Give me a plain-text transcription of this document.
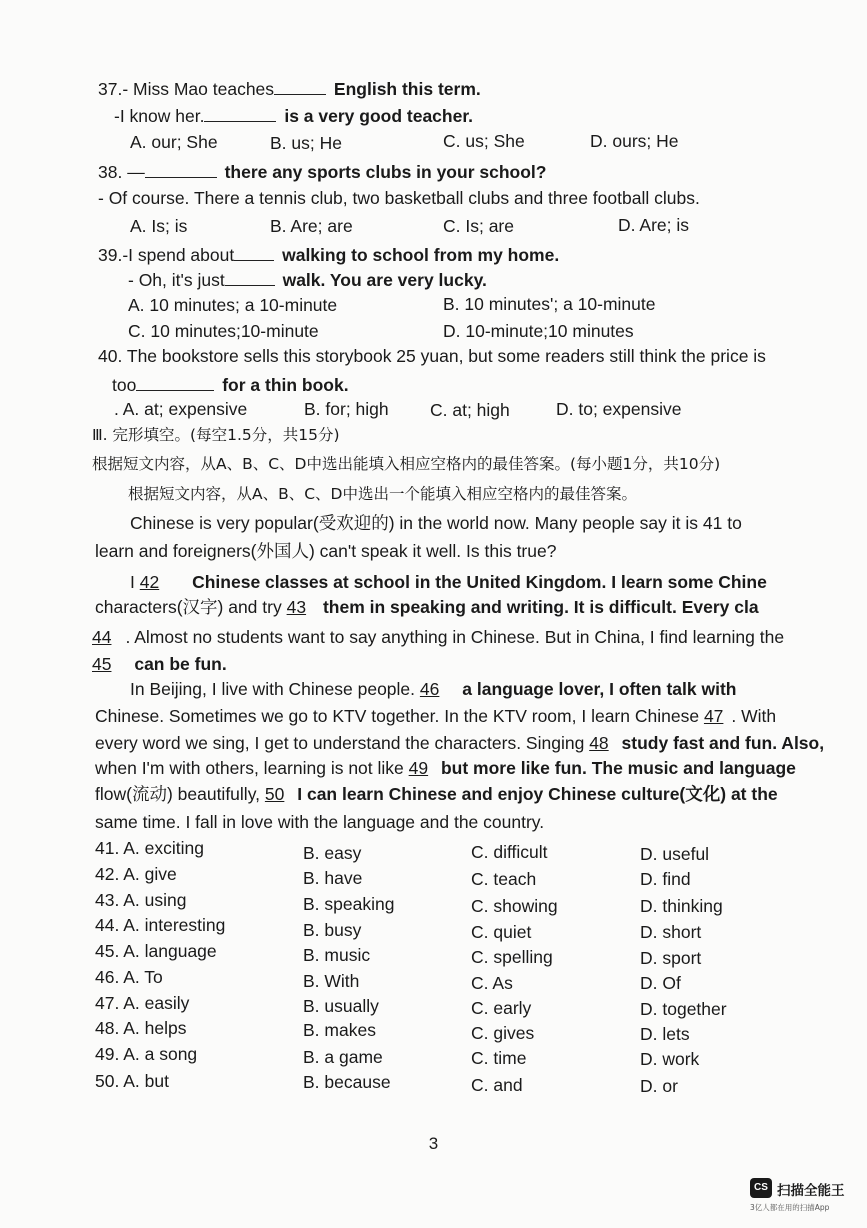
37.- Miss Mao teaches	English this term.
-I know her.	is a very good teacher.
A. our; She	B. us; He	C. us; She	D. ours; He
38. —	there any sports clubs in your school?
- Of course. There a tennis club, two basketball clubs and three football clubs.
A. Is; is	B. Are; are	C. Is; are	D. Are; is
39.-I spend about	walking to school from my home.
- Oh, it's just	walk. You are very lucky.
A. 10 minutes; a 10-minute	B. 10 minutes'; a 10-minute
C. 10 minutes;10-minute	D. 10-minute;10 minutes
40. The bookstore sells this storybook 25 yuan, but some readers still think the price is
too	for a thin book.
. A. at; expensive	B. for; high C. at; high	D. to; expensive
Ⅲ. 完形填空。(每空1.5分，共15分)
根据短文内容，从A、B、C、D中选出能填入相应空格内的最佳答案。(每小题1分，共10分)
根据短文内容，从A、B、C、D中选出一个能填入相应空格内的最佳答案。
Chinese is very popular(受欢迎的) in the world now. Many people say it is 41 to
learn and foreigners(外国人) can't speak it well. Is this true?
I 42 Chinese classes at school in the United Kingdom. I learn some Chine
characters(汉字) and try 43 them in speaking and writing. It is difficult. Every cla
44 . Almost no students want to say anything in Chinese. But in China, I find learning the
45 can be fun.
In Beijing, I live with Chinese people. 46 a language lover, I often talk with
Chinese. Sometimes we go to KTV together. In the KTV room, I learn Chinese 47 . With
every word we sing, I get to understand the characters. Singing 48 study fast and fun. Also,
when I'm with others, learning is not like 49 but more like fun. The music and language
flow(流动) beautifully, 50 I can learn Chinese and enjoy Chinese culture(文化) at the
same time. I fall in love with the language and the country.
41. A. exciting	B. easy	C. difficult	D. useful
42. A. give	B. have	C. teach	D. find
43. A. using	B. speaking	C. showing	D. thinking
44. A. interesting	B. busy	C. quiet	D. short
45. A. language	B. music	C. spelling	D. sport
46. A. To	B. With	C. As	D. Of
47. A. easily	B. usually	C. early	D. together
48. A. helps	B. makes	C. gives	D. lets
49. A. a song	B. a game	C. time	D. work
50. A. but	B. because	C. and	D. or
3
CS 扫描全能王
3亿人都在用的扫描App
